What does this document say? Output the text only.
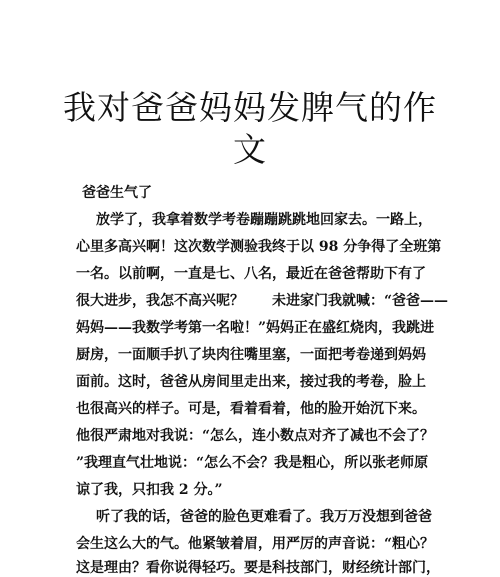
我对爸爸妈妈发脾气的作
文
爸爸生气了
放学了，我拿着数学考卷蹦蹦跳跳地回家去。一路上，
心里多高兴啊！这次数学测验我终于以 98 分争得了全班第
一名。以前啊，一直是七、八名，最近在爸爸帮助下有了
很大进步，我怎不高兴呢？　　未进家门我就喊：“爸爸——
妈妈——我数学考第一名啦！”妈妈正在盛红烧肉，我跳进
厨房，一面顺手扒了块肉往嘴里塞，一面把考卷递到妈妈
面前。这时，爸爸从房间里走出来，接过我的考卷，脸上
也很高兴的样子。可是，看着看着，他的脸开始沉下来。
他很严肃地对我说：“怎么，连小数点对齐了减也不会了？
”我理直气壮地说：“怎么不会？我是粗心，所以张老师原
谅了我，只扣我 2 分。”
听了我的话，爸爸的脸色更难看了。我万万没想到爸爸
会生这么大的气。他紧皱着眉，用严厉的声音说：“粗心？
这是理由？看你说得轻巧。要是科技部门，财经统计部门，
